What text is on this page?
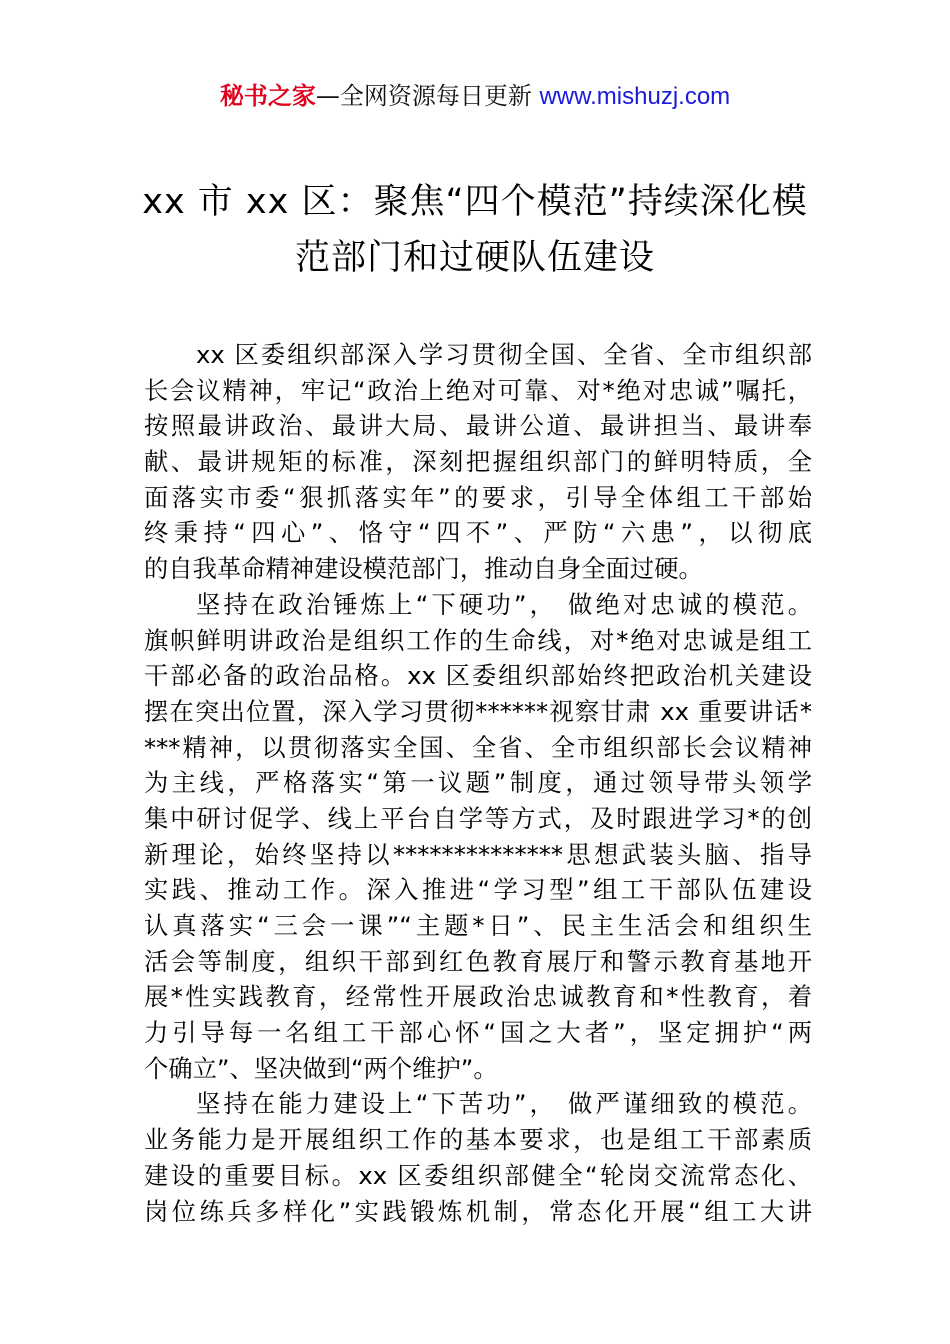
秘书之家—全网资源每日更新 www.mishuzj.com
xx 市 xx 区：聚焦“四个模范”持续深化模
范部门和过硬队伍建设
xx 区委组织部深入学习贯彻全国、全省、全市组织部
长会议精神，牢记“政治上绝对可靠、对*绝对忠诚”嘱托，
按照最讲政治、最讲大局、最讲公道、最讲担当、最讲奉
献、最讲规矩的标准，深刻把握组织部门的鲜明特质，全
面落实市委“狠抓落实年”的要求，引导全体组工干部始
终秉持“四心”、恪守“四不”、严防“六患”，以彻底
的自我革命精神建设模范部门，推动自身全面过硬。
坚持在政治锤炼上“下硬功”， 做绝对忠诚的模范。
旗帜鲜明讲政治是组织工作的生命线，对*绝对忠诚是组工
干部必备的政治品格。xx 区委组织部始终把政治机关建设
摆在突出位置，深入学习贯彻******视察甘肃 xx 重要讲话*
***精神，以贯彻落实全国、全省、全市组织部长会议精神
为主线，严格落实“第一议题”制度，通过领导带头领学
集中研讨促学、线上平台自学等方式，及时跟进学习*的创
新理论，始终坚持以**************思想武装头脑、指导
实践、推动工作。深入推进“学习型”组工干部队伍建设
认真落实“三会一课”“主题*日”、民主生活会和组织生
活会等制度，组织干部到红色教育展厅和警示教育基地开
展*性实践教育，经常性开展政治忠诚教育和*性教育，着
力引导每一名组工干部心怀“国之大者”，坚定拥护“两
个确立”、坚决做到“两个维护”。
坚持在能力建设上“下苦功”， 做严谨细致的模范。
业务能力是开展组织工作的基本要求，也是组工干部素质
建设的重要目标。xx 区委组织部健全“轮岗交流常态化、
岗位练兵多样化”实践锻炼机制，常态化开展“组工大讲
